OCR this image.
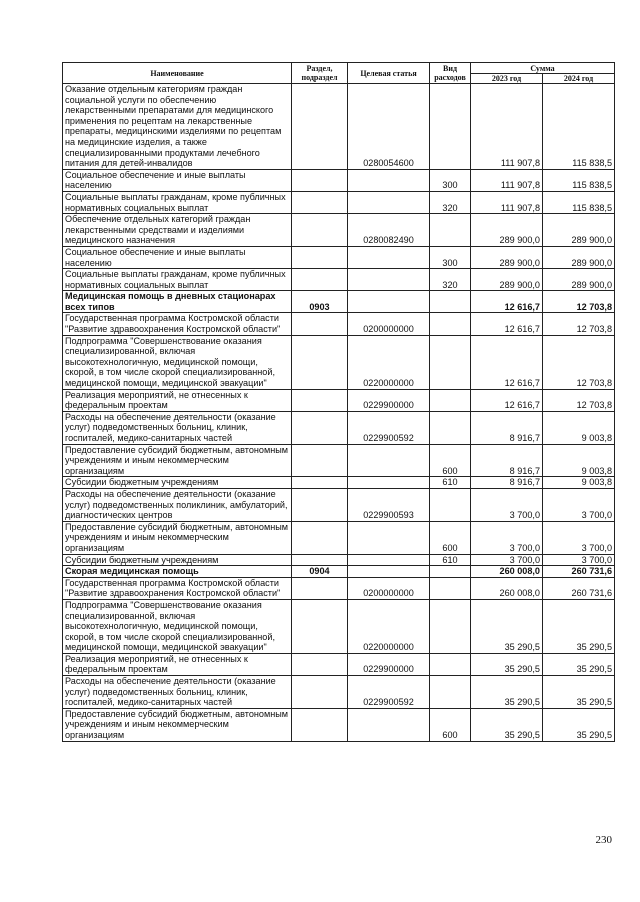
Наименование	Раздел, подраздел	Целевая статья	Вид расходов	Сумма	
				2023 год	2024 год
Оказание отдельным категориям граждан социальной услуги по обеспечению лекарственными препаратами для медицинского применения по рецептам на лекарственные препараты, медицинскими изделиями по рецептам на медицинские изделия, а также специализированными продуктами лечебного питания для детей-инвалидов		0280054600		111 907,8	115 838,5
Социальное обеспечение и иные выплаты населению			300	111 907,8	115 838,5
Социальные выплаты гражданам, кроме публичных нормативных социальных выплат			320	111 907,8	115 838,5
Обеспечение отдельных категорий граждан лекарственными средствами и изделиями медицинского назначения		0280082490		289 900,0	289 900,0
Социальное обеспечение и иные выплаты населению			300	289 900,0	289 900,0
Социальные выплаты гражданам, кроме публичных нормативных социальных выплат			320	289 900,0	289 900,0
Медицинская помощь в дневных стационарах всех типов	0903			12 616,7	12 703,8
Государственная программа Костромской области "Развитие здравоохранения Костромской области"		0200000000		12 616,7	12 703,8
Подпрограмма "Совершенствование оказания специализированной, включая высокотехнологичную, медицинской помощи, скорой, в том числе скорой специализированной, медицинской помощи, медицинской эвакуации"		0220000000		12 616,7	12 703,8
Реализация мероприятий, не отнесенных к федеральным проектам		0229900000		12 616,7	12 703,8
Расходы на обеспечение деятельности (оказание услуг) подведомственных больниц, клиник, госпиталей, медико-санитарных частей		0229900592		8 916,7	9 003,8
Предоставление субсидий бюджетным, автономным учреждениям и иным некоммерческим организациям			600	8 916,7	9 003,8
Субсидии бюджетным учреждениям			610	8 916,7	9 003,8
Расходы на обеспечение деятельности (оказание услуг) подведомственных поликлиник, амбулаторий, диагностических центров		0229900593		3 700,0	3 700,0
Предоставление субсидий бюджетным, автономным учреждениям и иным некоммерческим организациям			600	3 700,0	3 700,0
Субсидии бюджетным учреждениям			610	3 700,0	3 700,0
Скорая медицинская помощь	0904			260 008,0	260 731,6
Государственная программа Костромской области "Развитие здравоохранения Костромской области"		0200000000		260 008,0	260 731,6
Подпрограмма "Совершенствование оказания специализированной, включая высокотехнологичную, медицинской помощи, скорой, в том числе скорой специализированной, медицинской помощи, медицинской эвакуации"		0220000000		35 290,5	35 290,5
Реализация мероприятий, не отнесенных к федеральным проектам		0229900000		35 290,5	35 290,5
Расходы на обеспечение деятельности (оказание услуг) подведомственных больниц, клиник, госпиталей, медико-санитарных частей		0229900592		35 290,5	35 290,5
Предоставление субсидий бюджетным, автономным учреждениям и иным некоммерческим организациям			600	35 290,5	35 290,5
230
